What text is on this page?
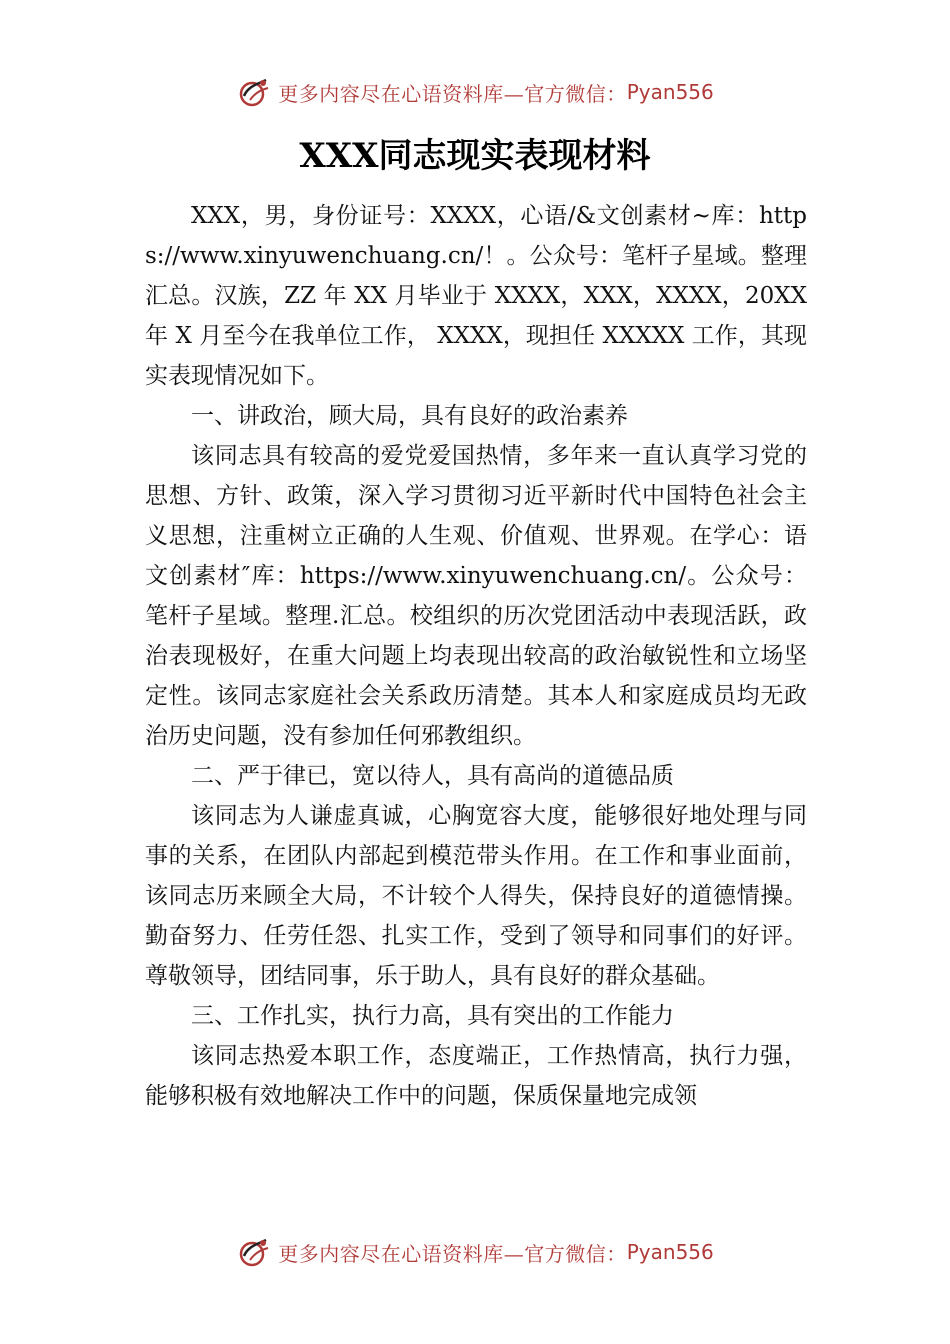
更多内容尽在心语资料库—官方微信： Pyan556
XXX同志现实表现材料

XXX，男，身份证号：XXXX，心语/&文创素材~库：https://www.xinyuwenchuang.cn/！。公众号：笔杆子星域。整理汇总。汉族，ZZ 年 XX 月毕业于 XXXX，XXX，XXXX，20XX 年 X 月至今在我单位工作， XXXX，现担任 XXXXX 工作，其现实表现情况如下。

一、讲政治，顾大局，具有良好的政治素养

该同志具有较高的爱党爱国热情，多年来一直认真学习党的思想、方针、政策，深入学习贯彻习近平新时代中国特色社会主义思想，注重树立正确的人生观、价值观、世界观。在学心：语文创素材″库：https://www.xinyuwenchuang.cn/。公众号：笔杆子星域。整理.汇总。校组织的历次党团活动中表现活跃，政治表现极好，在重大问题上均表现出较高的政治敏锐性和立场坚定性。该同志家庭社会关系政历清楚。其本人和家庭成员均无政治历史问题，没有参加任何邪教组织。

二、严于律已，宽以待人，具有高尚的道德品质

该同志为人谦虚真诚，心胸宽容大度，能够很好地处理与同事的关系，在团队内部起到模范带头作用。在工作和事业面前，该同志历来顾全大局，不计较个人得失，保持良好的道德情操。勤奋努力、任劳任怨、扎实工作，受到了领导和同事们的好评。尊敬领导，团结同事，乐于助人，具有良好的群众基础。

三、工作扎实，执行力高，具有突出的工作能力

该同志热爱本职工作，态度端正，工作热情高，执行力强，能够积极有效地解决工作中的问题，保质保量地完成领

更多内容尽在心语资料库—官方微信： Pyan556
